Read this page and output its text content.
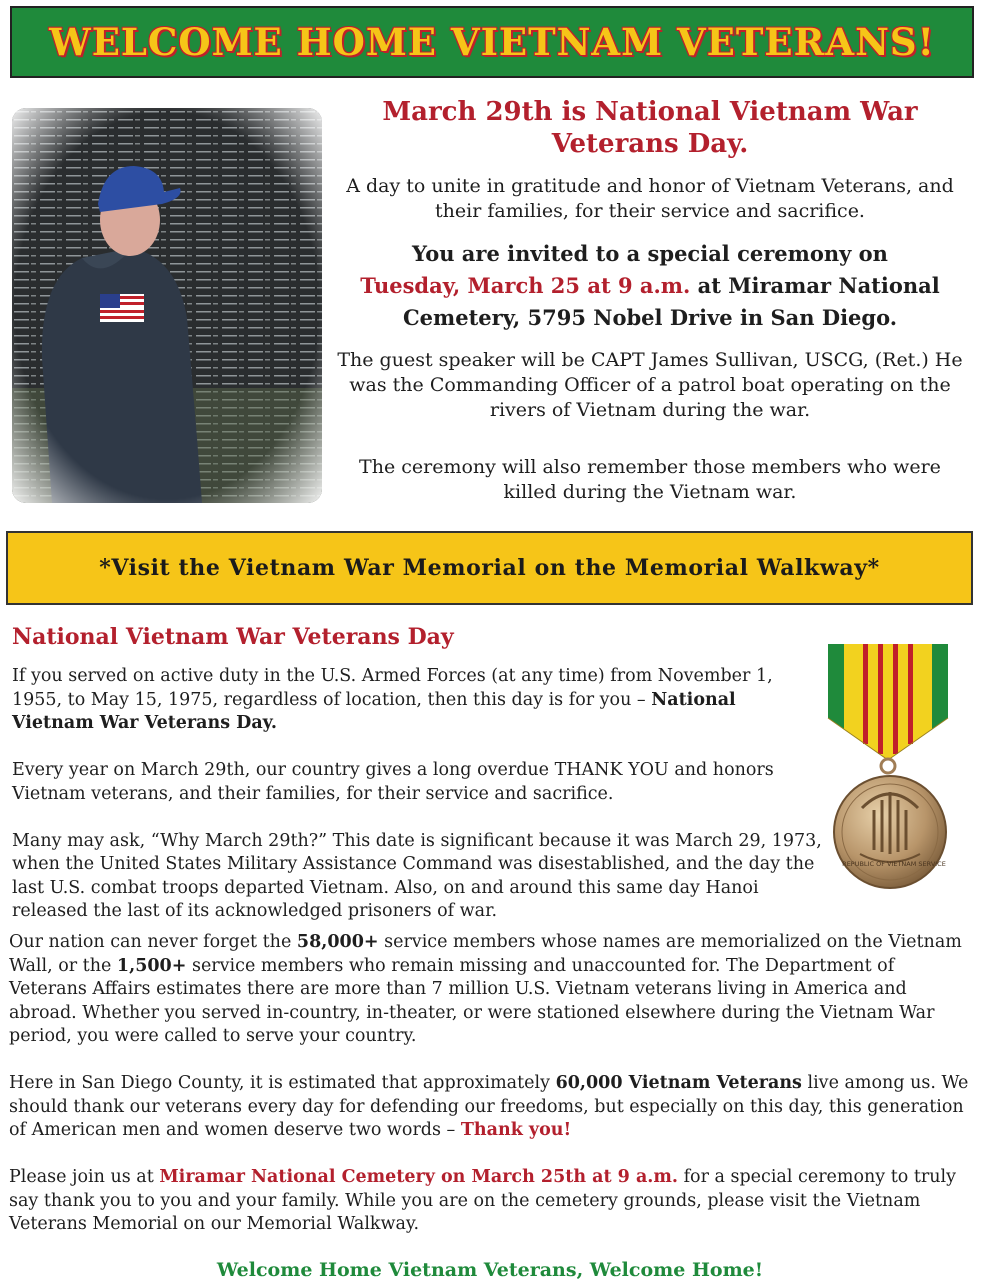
WELCOME HOME VIETNAM VETERANS!
March 29th is National Vietnam War Veterans Day.

A day to unite in gratitude and honor of Vietnam Veterans, and their families, for their service and sacrifice.

You are invited to a special ceremony on
Tuesday, March 25 at 9 a.m. at Miramar National Cemetery, 5795 Nobel Drive in San Diego.

The guest speaker will be CAPT James Sullivan, USCG, (Ret.) He was the Commanding Officer of a patrol boat operating on the rivers of Vietnam during the war.

The ceremony will also remember those members who were killed during the Vietnam war.

*Visit the Vietnam War Memorial on the Memorial Walkway*
National Vietnam War Veterans Day

If you served on active duty in the U.S. Armed Forces (at any time) from November 1, 1955, to May 15, 1975, regardless of location, then this day is for you – National Vietnam War Veterans Day.

Every year on March 29th, our country gives a long overdue THANK YOU and honors Vietnam veterans, and their families, for their service and sacrifice.

Many may ask, “Why March 29th?” This date is significant because it was March 29, 1973, when the United States Military Assistance Command was disestablished, and the day the last U.S. combat troops departed Vietnam. Also, on and around this same day Hanoi released the last of its acknowledged prisoners of war.

Our nation can never forget the 58,000+ service members whose names are memorialized on the Vietnam Wall, or the 1,500+ service members who remain missing and unaccounted for. The Department of Veterans Affairs estimates there are more than 7 million U.S. Vietnam veterans living in America and abroad. Whether you served in-country, in-theater, or were stationed elsewhere during the Vietnam War period, you were called to serve your country.

Here in San Diego County, it is estimated that approximately 60,000 Vietnam Veterans live among us. We should thank our veterans every day for defending our freedoms, but especially on this day, this generation of American men and women deserve two words – Thank you!

Please join us at Miramar National Cemetery on March 25th at 9 a.m. for a special ceremony to truly say thank you to you and your family. While you are on the cemetery grounds, please visit the Vietnam Veterans Memorial on our Memorial Walkway.

Welcome Home Vietnam Veterans, Welcome Home!
REPUBLIC OF VIETNAM SERVICE
